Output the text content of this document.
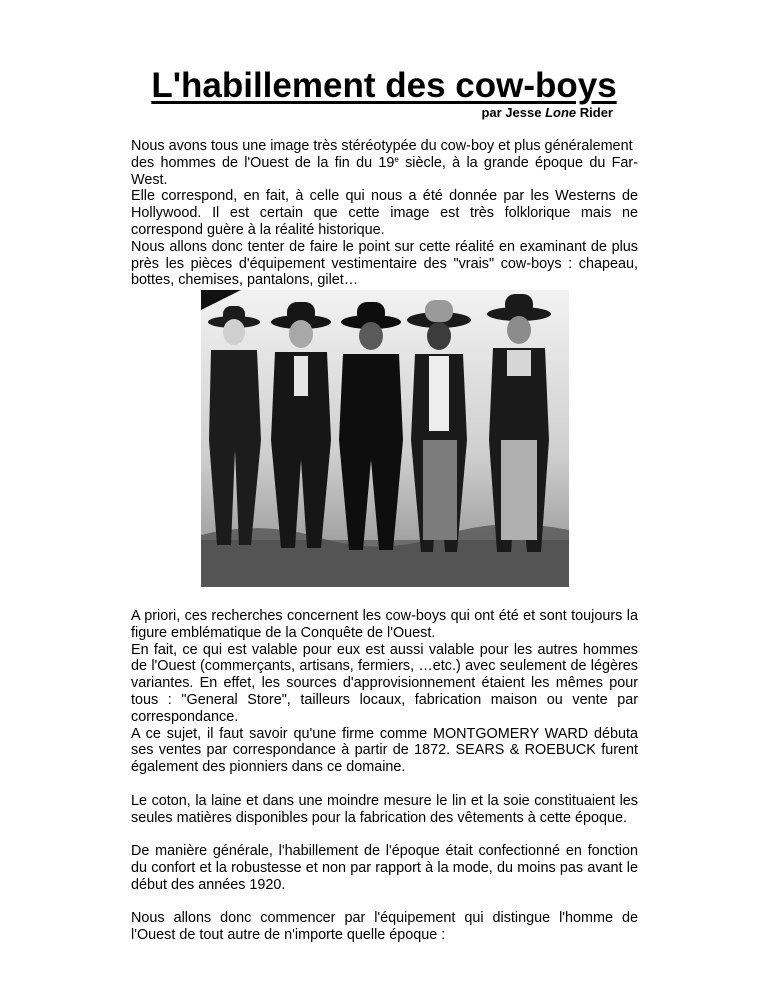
L'habillement des cow-boys
par Jesse Lone Rider
Nous avons tous une image très stéréotypée du cow-boy et plus généralement
des hommes de l'Ouest de la fin du 19e siècle, à la grande époque du Far-West.
Elle correspond, en fait, à celle qui nous a été donnée par les Westerns de Hollywood. Il est certain que cette image est très folklorique mais ne correspond guère à la réalité historique.
Nous allons donc tenter de faire le point sur cette réalité en examinant de plus près les pièces d'équipement vestimentaire des "vrais" cow-boys : chapeau, bottes, chemises, pantalons, gilet…
A priori, ces recherches concernent les cow-boys qui ont été et sont toujours la figure emblématique de la Conquête de l'Ouest.
En fait, ce qui est valable pour eux est aussi valable pour les autres hommes de l'Ouest (commerçants, artisans, fermiers, …etc.) avec seulement de légères variantes. En effet, les sources d'approvisionnement étaient les mêmes pour tous : "General Store", tailleurs locaux, fabrication maison ou vente par correspondance.
A ce sujet, il faut savoir qu'une firme comme MONTGOMERY WARD débuta ses ventes par correspondance à partir de 1872. SEARS & ROEBUCK furent également des pionniers dans ce domaine.

Le coton, la laine et dans une moindre mesure le lin et la soie constituaient les seules matières disponibles pour la fabrication des vêtements à cette époque.

De manière générale, l'habillement de l'époque était confectionné en fonction du confort et la robustesse et non par rapport à la mode, du moins pas avant le début des années 1920.

Nous allons donc commencer par l'équipement qui distingue l'homme de l'Ouest de tout autre de n'importe quelle époque :
